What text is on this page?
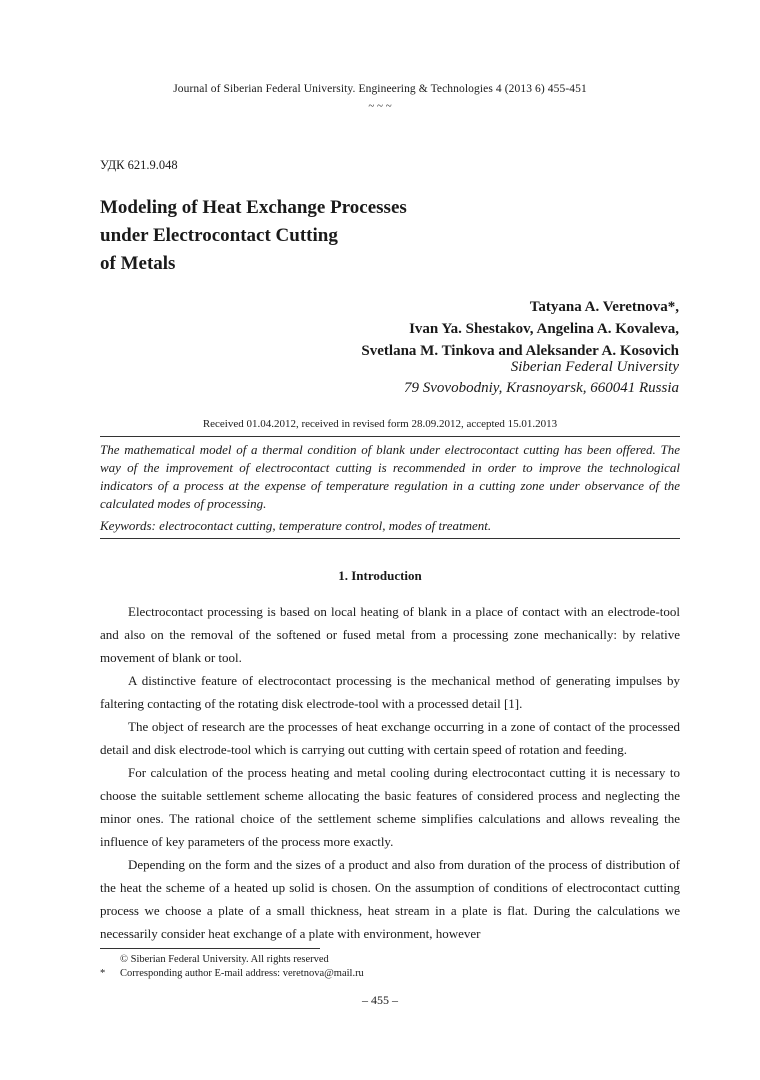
Journal of Siberian Federal University. Engineering & Technologies 4 (2013 6) 455-451
~ ~ ~
УДК 621.9.048
Modeling of Heat Exchange Processes
under Electrocontact Cutting
of Metals
Tatyana A. Veretnova*,
Ivan Ya. Shestakov, Angelina A. Kovaleva,
Svetlana M. Tinkova and Aleksander A. Kosovich
Siberian Federal University
79 Svovobodniy, Krasnoyarsk, 660041 Russia
Received 01.04.2012, received in revised form 28.09.2012, accepted 15.01.2013

The mathematical model of a thermal condition of blank under electrocontact cutting has been offered. The way of the improvement of electrocontact cutting is recommended in order to improve the technological indicators of a process at the expense of temperature regulation in a cutting zone under observance of the calculated modes of processing.

Keywords: electrocontact cutting, temperature control, modes of treatment.
1. Introduction

Electrocontact processing is based on local heating of blank in a place of contact with an electrode-tool and also on the removal of the softened or fused metal from a processing zone mechanically: by relative movement of blank or tool.

A distinctive feature of electrocontact processing is the mechanical method of generating impulses by faltering contacting of the rotating disk electrode-tool with a processed detail [1].

The object of research are the processes of heat exchange occurring in a zone of contact of the processed detail and disk electrode-tool which is carrying out cutting with certain speed of rotation and feeding.

For calculation of the process heating and metal cooling during electrocontact cutting it is necessary to choose the suitable settlement scheme allocating the basic features of considered process and neglecting the minor ones. The rational choice of the settlement scheme simplifies calculations and allows revealing the influence of key parameters of the process more exactly.

Depending on the form and the sizes of a product and also from duration of the process of distribution of the heat the scheme of a heated up solid is chosen. On the assumption of conditions of electrocontact cutting process we choose a plate of a small thickness, heat stream in a plate is flat. During the calculations we necessarily consider heat exchange of a plate with environment, however

© Siberian Federal University. All rights reserved
* Corresponding author E-mail address: veretnova@mail.ru
– 455 –
